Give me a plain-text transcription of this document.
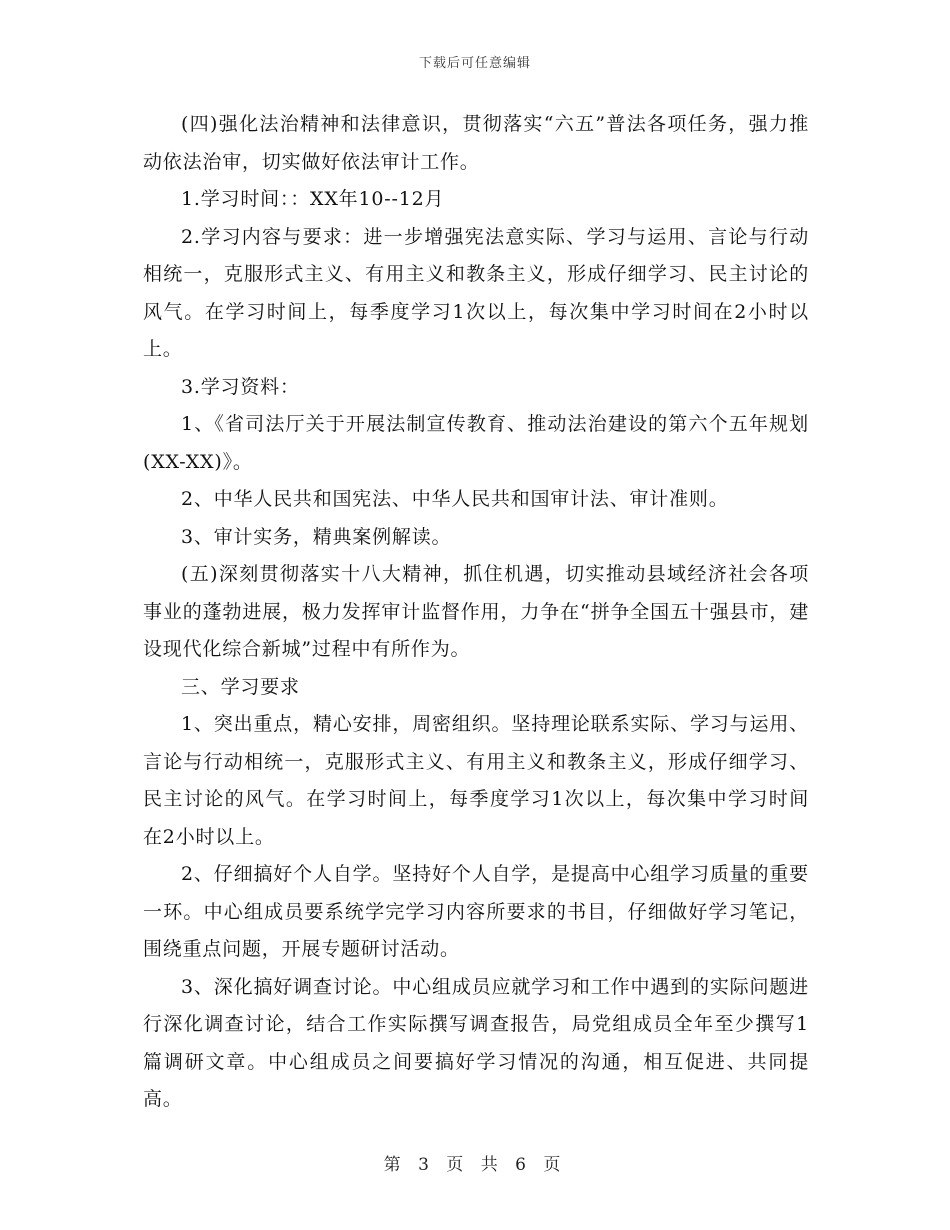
下载后可任意编辑

(四)强化法治精神和法律意识，贯彻落实“六五”普法各项任务，强力推动依法治审，切实做好依法审计工作。

1.学习时间：：XX年10--12月

2.学习内容与要求：进一步增强宪法意实际、学习与运用、言论与行动相统一，克服形式主义、有用主义和教条主义，形成仔细学习、民主讨论的风气。在学习时间上，每季度学习1次以上，每次集中学习时间在2小时以上。

3.学习资料：

1、《省司法厅关于开展法制宣传教育、推动法治建设的第六个五年规划(XX-XX)》。

2、中华人民共和国宪法、中华人民共和国审计法、审计准则。

3、审计实务，精典案例解读。

(五)深刻贯彻落实十八大精神，抓住机遇，切实推动县域经济社会各项事业的蓬勃进展，极力发挥审计监督作用，力争在“拼争全国五十强县市，建设现代化综合新城”过程中有所作为。

三、学习要求

1、突出重点，精心安排，周密组织。坚持理论联系实际、学习与运用、言论与行动相统一，克服形式主义、有用主义和教条主义，形成仔细学习、民主讨论的风气。在学习时间上，每季度学习1次以上，每次集中学习时间在2小时以上。

2、仔细搞好个人自学。坚持好个人自学，是提高中心组学习质量的重要一环。中心组成员要系统学完学习内容所要求的书目，仔细做好学习笔记，围绕重点问题，开展专题研讨活动。

3、深化搞好调查讨论。中心组成员应就学习和工作中遇到的实际问题进行深化调查讨论，结合工作实际撰写调查报告，局党组成员全年至少撰写1篇调研文章。中心组成员之间要搞好学习情况的沟通，相互促进、共同提高。

第 3 页 共 6 页
